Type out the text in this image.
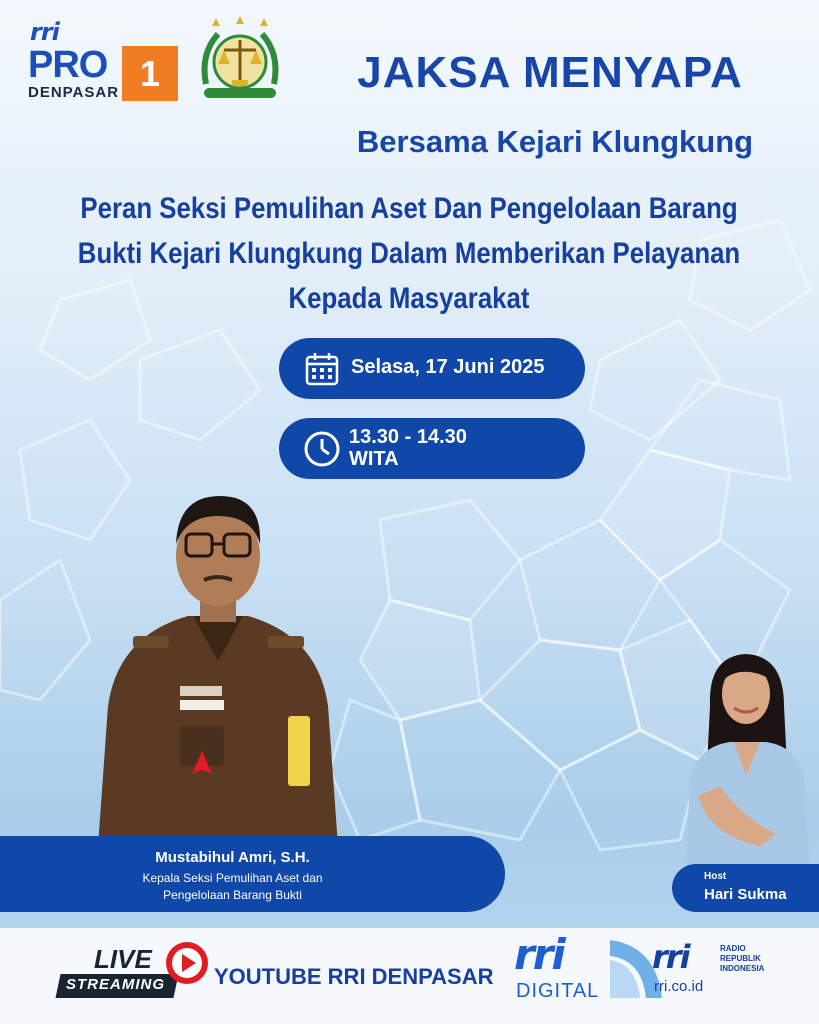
rri
PRO 1
DENPASAR	JAKSA MENYAPA
Bersama Kejari Klungkung
Peran Seksi Pemulihan Aset Dan Pengelolaan Barang Bukti Kejari Klungkung Dalam Memberikan Pelayanan Kepada Masyarakat
Selasa, 17 Juni 2025
13.30 - 14.30
WITA
Mustabihul Amri, S.H.
Kepala Seksi Pemulihan Aset dan
Pengelolaan Barang Bukti
Host
Hari Sukma
LIVE
STREAMING YOUTUBE RRI DENPASAR rri
DIGITAL
rri	RADIO
REPUBLIK
INDONESIA
rri.co.id
